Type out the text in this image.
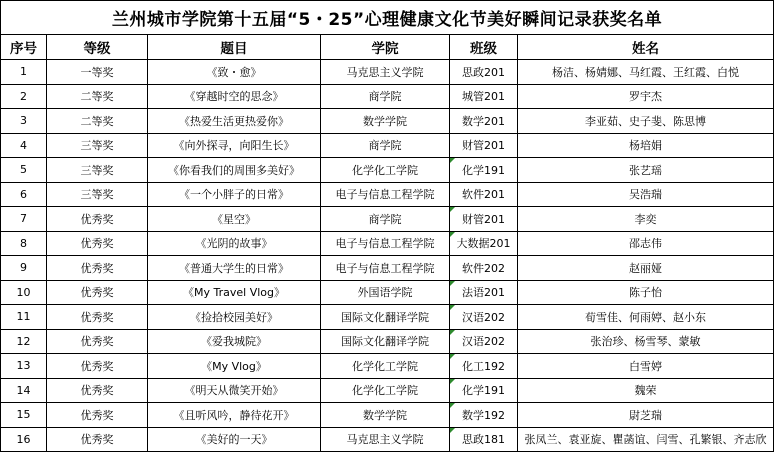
兰州城市学院第十五届“5・25”心理健康文化节美好瞬间记录获奖名单
序号	等级	题目	学院	班级	姓名
1	一等奖	《致・愈》	马克思主义学院	思政201	杨洁、杨婧娜、马红霞、王红霞、白悦
2	二等奖	《穿越时空的思念》	商学院	城管201	罗宇杰
3	二等奖	《热爱生活更热爱你》	数学学院	数学201	李亚茹、史子斐、陈思博
4	三等奖	《向外探寻，向阳生长》	商学院	财管201	杨培娟
5	三等奖	《你看我们的周围多美好》	化学化工学院	化学191	张艺瑶
6	三等奖	《一个小胖子的日常》	电子与信息工程学院	软件201	吴浩瑞
7	优秀奖	《星空》	商学院	财管201	李奕
8	优秀奖	《光阴的故事》	电子与信息工程学院	大数据201	邵志伟
9	优秀奖	《普通大学生的日常》	电子与信息工程学院	软件202	赵丽娅
10	优秀奖	《My Travel Vlog》	外国语学院	法语201	陈子怡
11	优秀奖	《捡拾校园美好》	国际文化翻译学院	汉语202	荀雪佳、何雨婷、赵小东
12	优秀奖	《爱我城院》	国际文化翻译学院	汉语202	张治珍、杨雪琴、蒙敏
13	优秀奖	《My Vlog》	化学化工学院	化工192	白雪婷
14	优秀奖	《明天从微笑开始》	化学化工学院	化学191	魏荣
15	优秀奖	《且听风吟，静待花开》	数学学院	数学192	尉芝瑞
16	优秀奖	《美好的一天》	马克思主义学院	思政181	张凤兰、袁亚旋、瞿菡谊、闫雪、孔繁银、齐志欣
